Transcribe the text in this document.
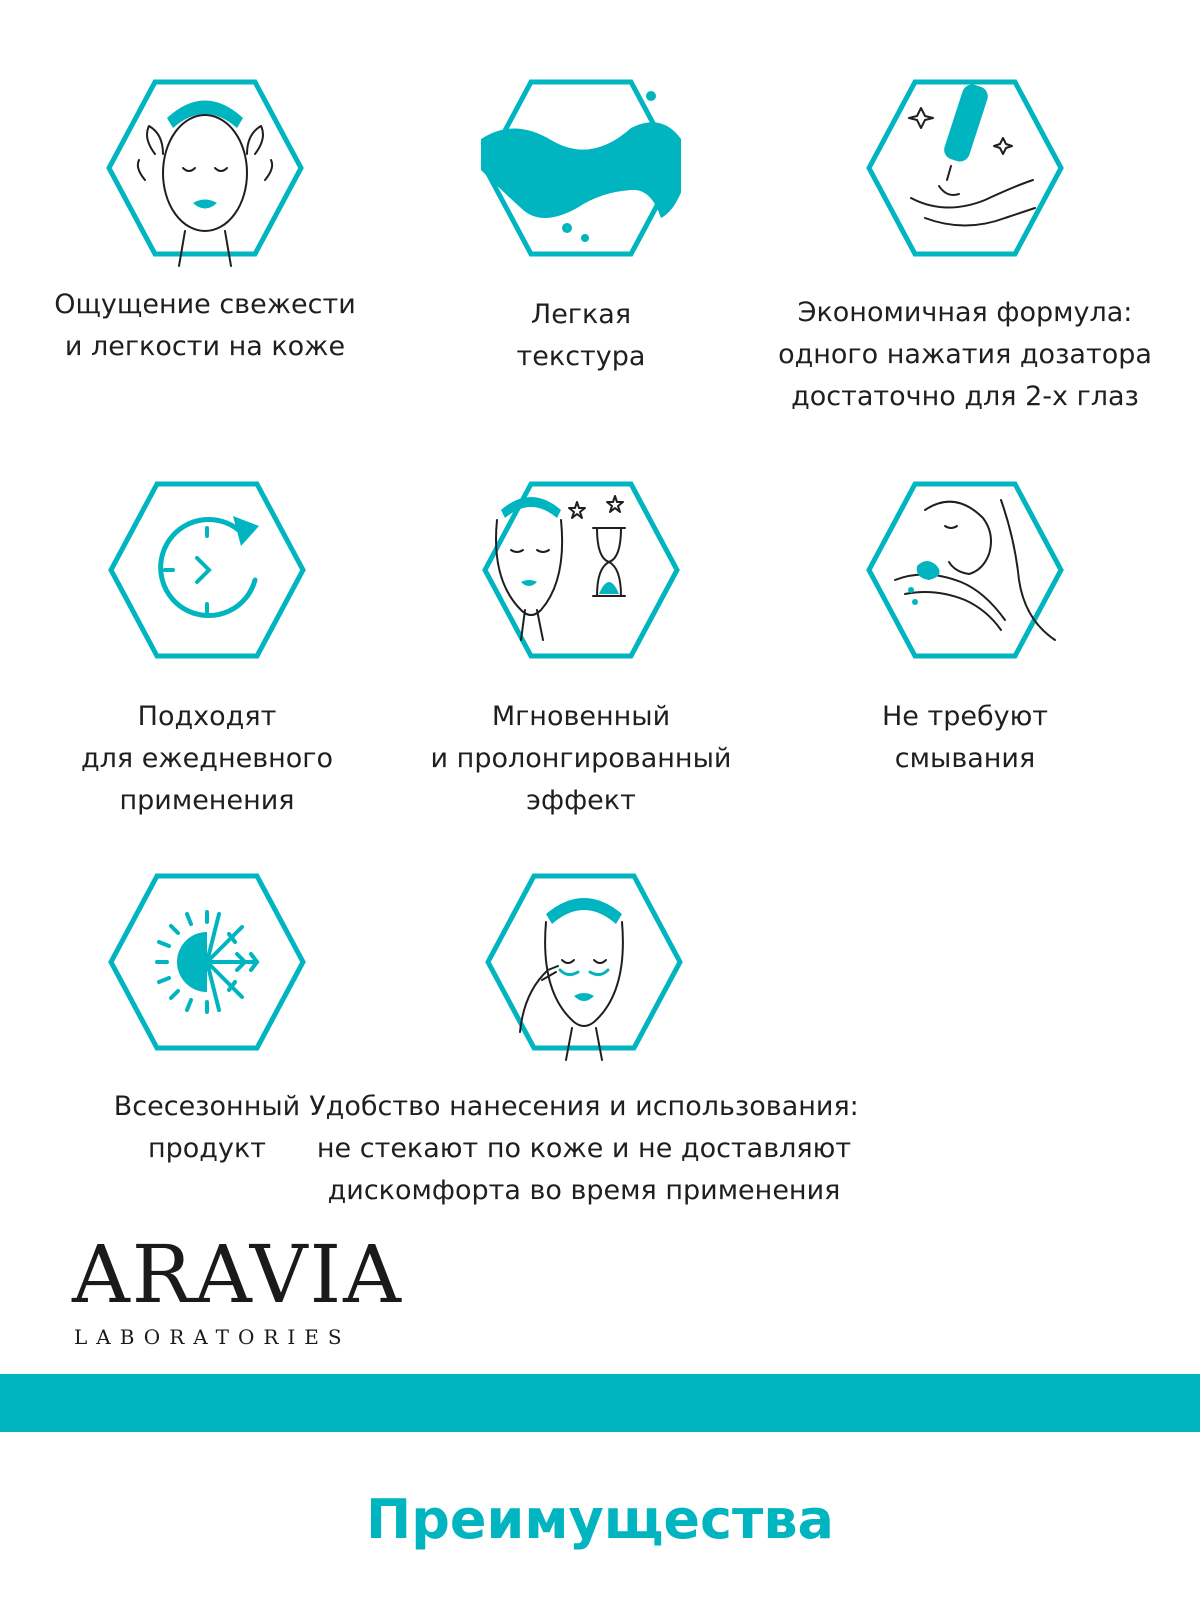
Ощущение свежести
и легкости на коже
Легкая
текстура
Экономичная формула:
одного нажатия дозатора
достаточно для 2-х глаз
Подходят
для ежедневного
применения
Мгновенный
и пролонгированный
эффект
Не требуют
смывания
Всесезонный
продукт
Удобство нанесения и использования:
не стекают по коже и не доставляют
дискомфорта во время применения
ARAVIA
LABORATORIES
Преимущества
